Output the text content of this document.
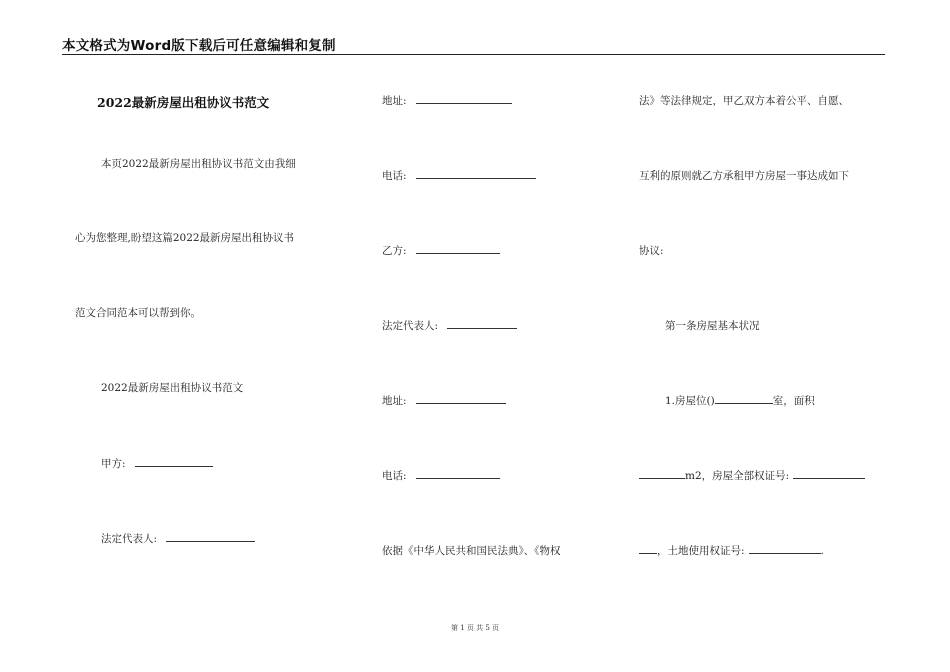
本文格式为Word版下载后可任意编辑和复制
2022最新房屋出租协议书范文
本页2022最新房屋出租协议书范文由我细
心为您整理,盼望这篇2022最新房屋出租协议书
范文合同范本可以帮到你。
2022最新房屋出租协议书范文
甲方:
法定代表人:
地址:
电话:
乙方:
法定代表人:
地址:
电话:
依据《中华人民共和国民法典》、《物权
法》等法律规定，甲乙双方本着公平、自愿、
互利的原则就乙方承租甲方房屋一事达成如下
协议:
第一条房屋基本状况
1.房屋位()	室，面积
m2，房屋全部权证号:
，土地使用权证号:	.
第 1 页 共 5 页
